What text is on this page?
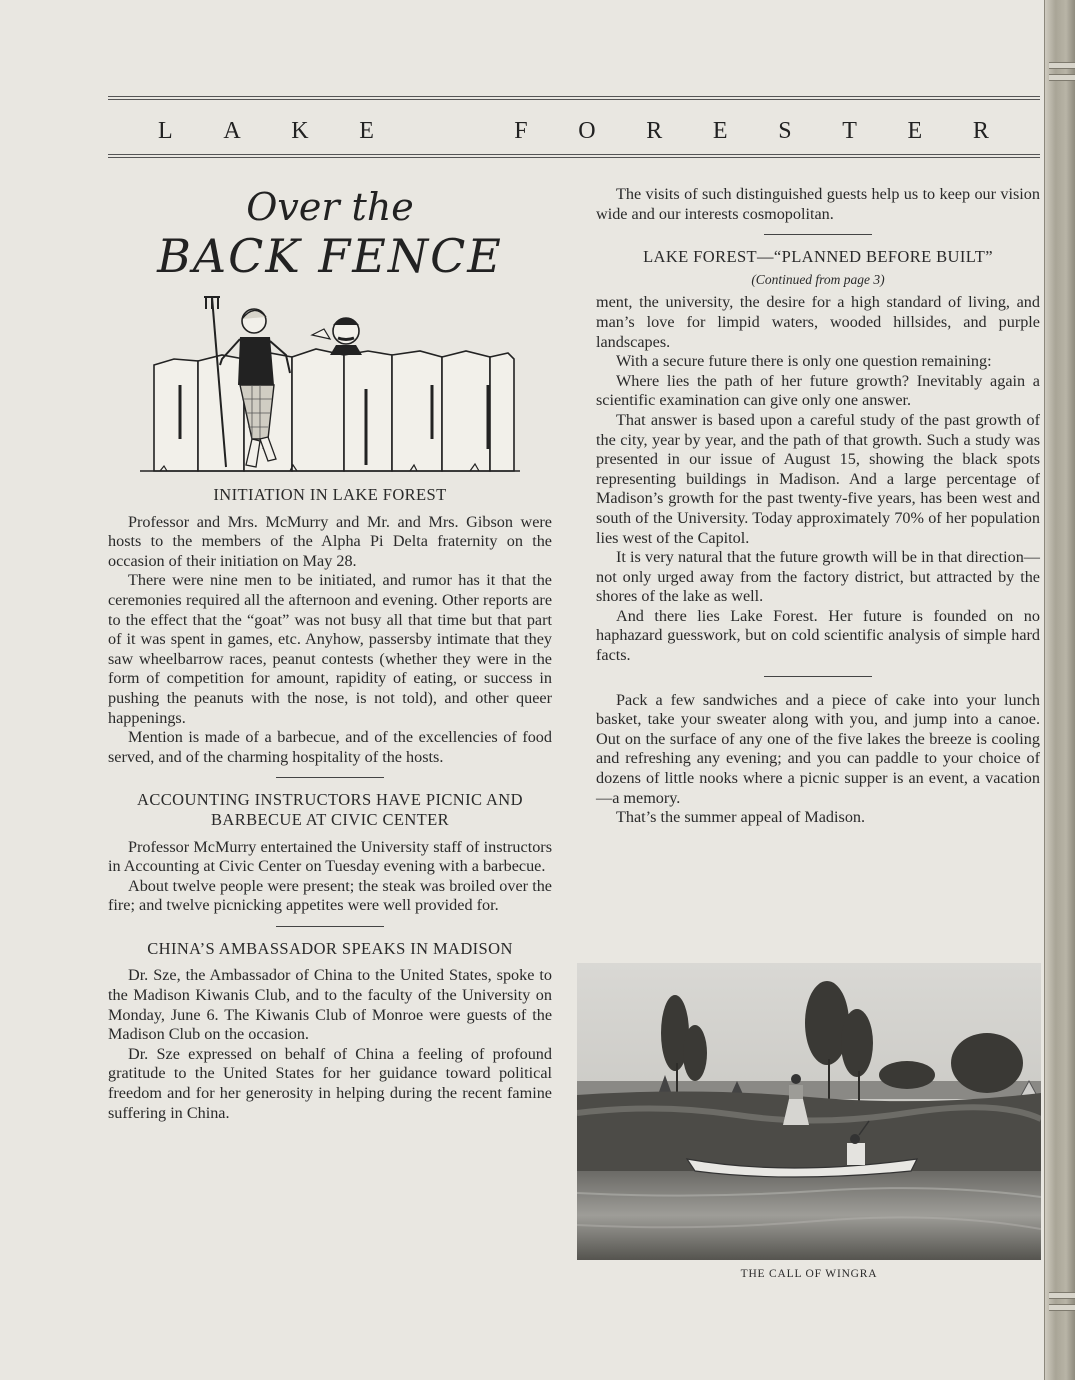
L A K E	F O R E S T E R
Over the
BACK FENCE
INITIATION IN LAKE FOREST

Professor and Mrs. McMurry and Mr. and Mrs. Gibson were hosts to the members of the Alpha Pi Delta fraternity on the occasion of their initiation on May 28.

There were nine men to be initiated, and rumor has it that the ceremonies required all the afternoon and evening. Other reports are to the effect that the “goat” was not busy all that time but that part of it was spent in games, etc. Anyhow, passersby intimate that they saw wheelbarrow races, peanut contests (whether they were in the form of competition for amount, rapidity of eating, or success in pushing the peanuts with the nose, is not told), and other queer happenings.

Mention is made of a barbecue, and of the excellencies of food served, and of the charming hospitality of the hosts.

ACCOUNTING INSTRUCTORS HAVE PICNIC AND BARBECUE AT CIVIC CENTER

Professor McMurry entertained the University staff of instructors in Accounting at Civic Center on Tuesday evening with a barbecue.

About twelve people were present; the steak was broiled over the fire; and twelve picnicking appetites were well provided for.

CHINA’S AMBASSADOR SPEAKS IN MADISON

Dr. Sze, the Ambassador of China to the United States, spoke to the Madison Kiwanis Club, and to the faculty of the University on Monday, June 6. The Kiwanis Club of Monroe were guests of the Madison Club on the occasion.

Dr. Sze expressed on behalf of China a feeling of profound gratitude to the United States for her guidance toward political freedom and for her generosity in helping during the recent famine suffering in China.

The visits of such distinguished guests help us to keep our vision wide and our interests cosmopolitan.

LAKE FOREST—“PLANNED BEFORE BUILT”
(Continued from page 3)

ment, the university, the desire for a high standard of living, and man’s love for limpid waters, wooded hillsides, and purple landscapes.

With a secure future there is only one question remaining:

Where lies the path of her future growth? Inevitably again a scientific examination can give only one answer.

That answer is based upon a careful study of the past growth of the city, year by year, and the path of that growth. Such a study was presented in our issue of August 15, showing the black spots representing buildings in Madison. And a large percentage of Madison’s growth for the past twenty-five years, has been west and south of the University. Today approximately 70% of her population lies west of the Capitol.

It is very natural that the future growth will be in that direction—not only urged away from the factory district, but attracted by the shores of the lake as well.

And there lies Lake Forest. Her future is founded on no haphazard guesswork, but on cold scientific analysis of simple hard facts.

Pack a few sandwiches and a piece of cake into your lunch basket, take your sweater along with you, and jump into a canoe. Out on the surface of any one of the five lakes the breeze is cooling and refreshing any evening; and you can paddle to your choice of dozens of little nooks where a picnic supper is an event, a vacation—a memory.

That’s the summer appeal of Madison.

THE CALL OF WINGRA
